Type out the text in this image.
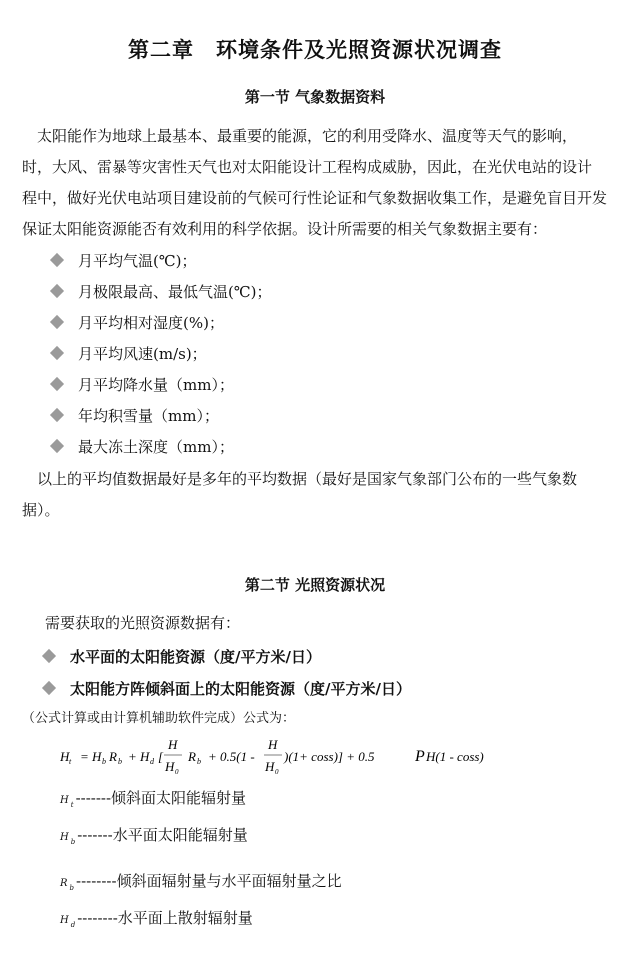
第二章　环境条件及光照资源状况调查
第一节 气象数据资料
　太阳能作为地球上最基本、最重要的能源，它的利用受降水、温度等天气的影响，
时，大风、雷暴等灾害性天气也对太阳能设计工程构成威胁，因此，在光伏电站的设计
程中，做好光伏电站项目建设前的气候可行性论证和气象数据收集工作，是避免盲目开发
保证太阳能资源能否有效利用的科学依据。设计所需要的相关气象数据主要有：
月平均气温(℃)；
月极限最高、最低气温(℃)；
月平均相对湿度(%)；
月平均风速(m/s)；
月平均降水量（mm）；
年均积雪量（mm）；
最大冻土深度（mm）；
　以上的平均值数据最好是多年的平均数据（最好是国家气象部门公布的一些气象数
据）。
第二节 光照资源状况
　需要获取的光照资源数据有：
水平面的太阳能资源（度/平方米/日）
太阳能方阵倾斜面上的太阳能资源（度/平方米/日）
（公式计算或由计算机辅助软件完成）公式为：
H t = H b R b + H d [
H
H 0
R b + 0.5(1 -
H
H 0
)(1+ coss)] + 0.5	P H(1 - coss)
H $_t$ -------倾斜面太阳能辐射量
H $_b$ -------水平面太阳能辐射量
R $_b$ --------倾斜面辐射量与水平面辐射量之比
H $_d$ --------水平面上散射辐射量
